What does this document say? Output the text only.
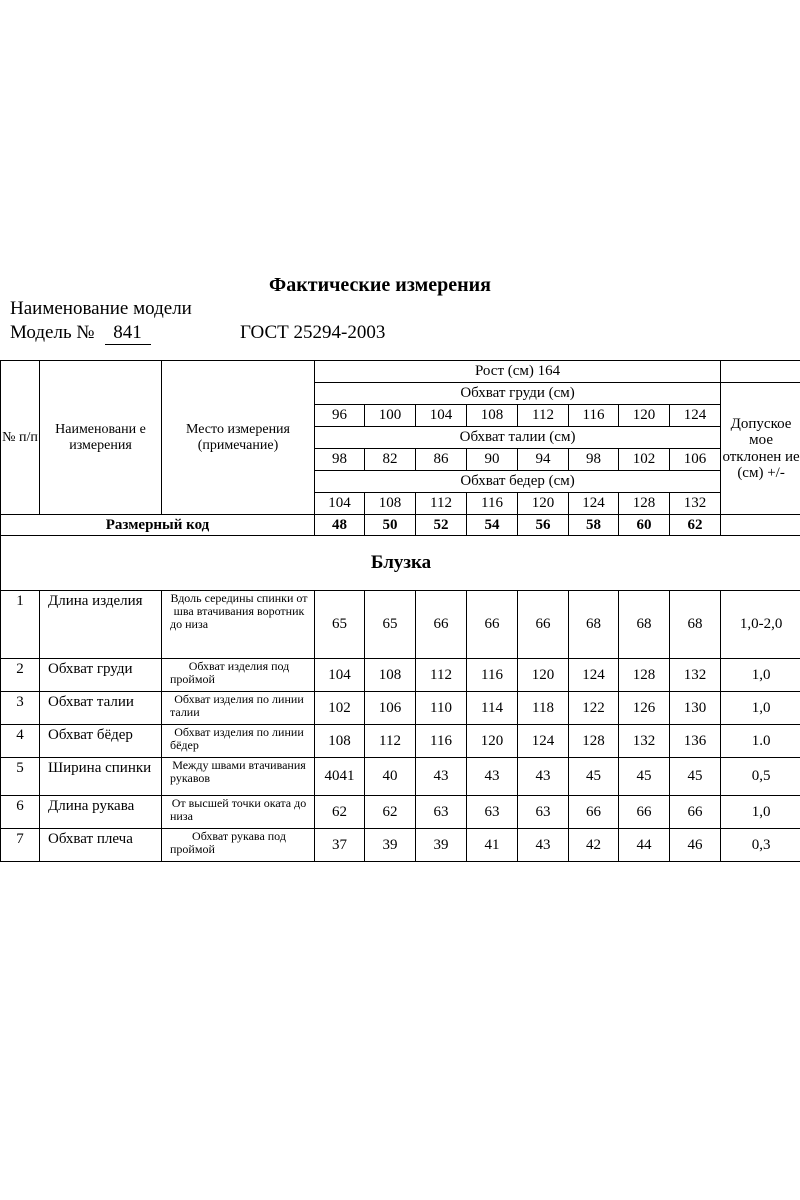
Фактические измерения
Наименование модели
Модель № 841	ГОСТ 25294-2003
№ п/п	Наименовани е измерения	Место измерения (примечание)	Рост (см) 164								
			Обхват груди (см)								Допуское мое отклонен ие (см) +/-
			96	100	104	108	112	116	120	124	
			Обхват талии (см)								
			98	82	86	90	94	98	102	106	
			Обхват бедер (см)								
			104	108	112	116	120	124	128	132	
Размерный код			48	50	52	54	56	58	60	62	
Блузка											
1	Длина изделия	Вдоль середины спинки от шва втачивания воротник до низа	65	65	66	66	66	68	68	68	1,0-2,0
2	Обхват груди	Обхват изделия под проймой	104	108	112	116	120	124	128	132	1,0
3	Обхват талии	Обхват изделия по линии талии	102	106	110	114	118	122	126	130	1,0
4	Обхват бёдер	Обхват изделия по линии бёдер	108	112	116	120	124	128	132	136	1.0
5	Ширина спинки	Между швами втачивания рукавов	4041	40	43	43	43	45	45	45	0,5
6	Длина рукава	От высшей точки оката до низа	62	62	63	63	63	66	66	66	1,0
7	Обхват плеча	Обхват рукава под проймой	37	39	39	41	43	42	44	46	0,3
